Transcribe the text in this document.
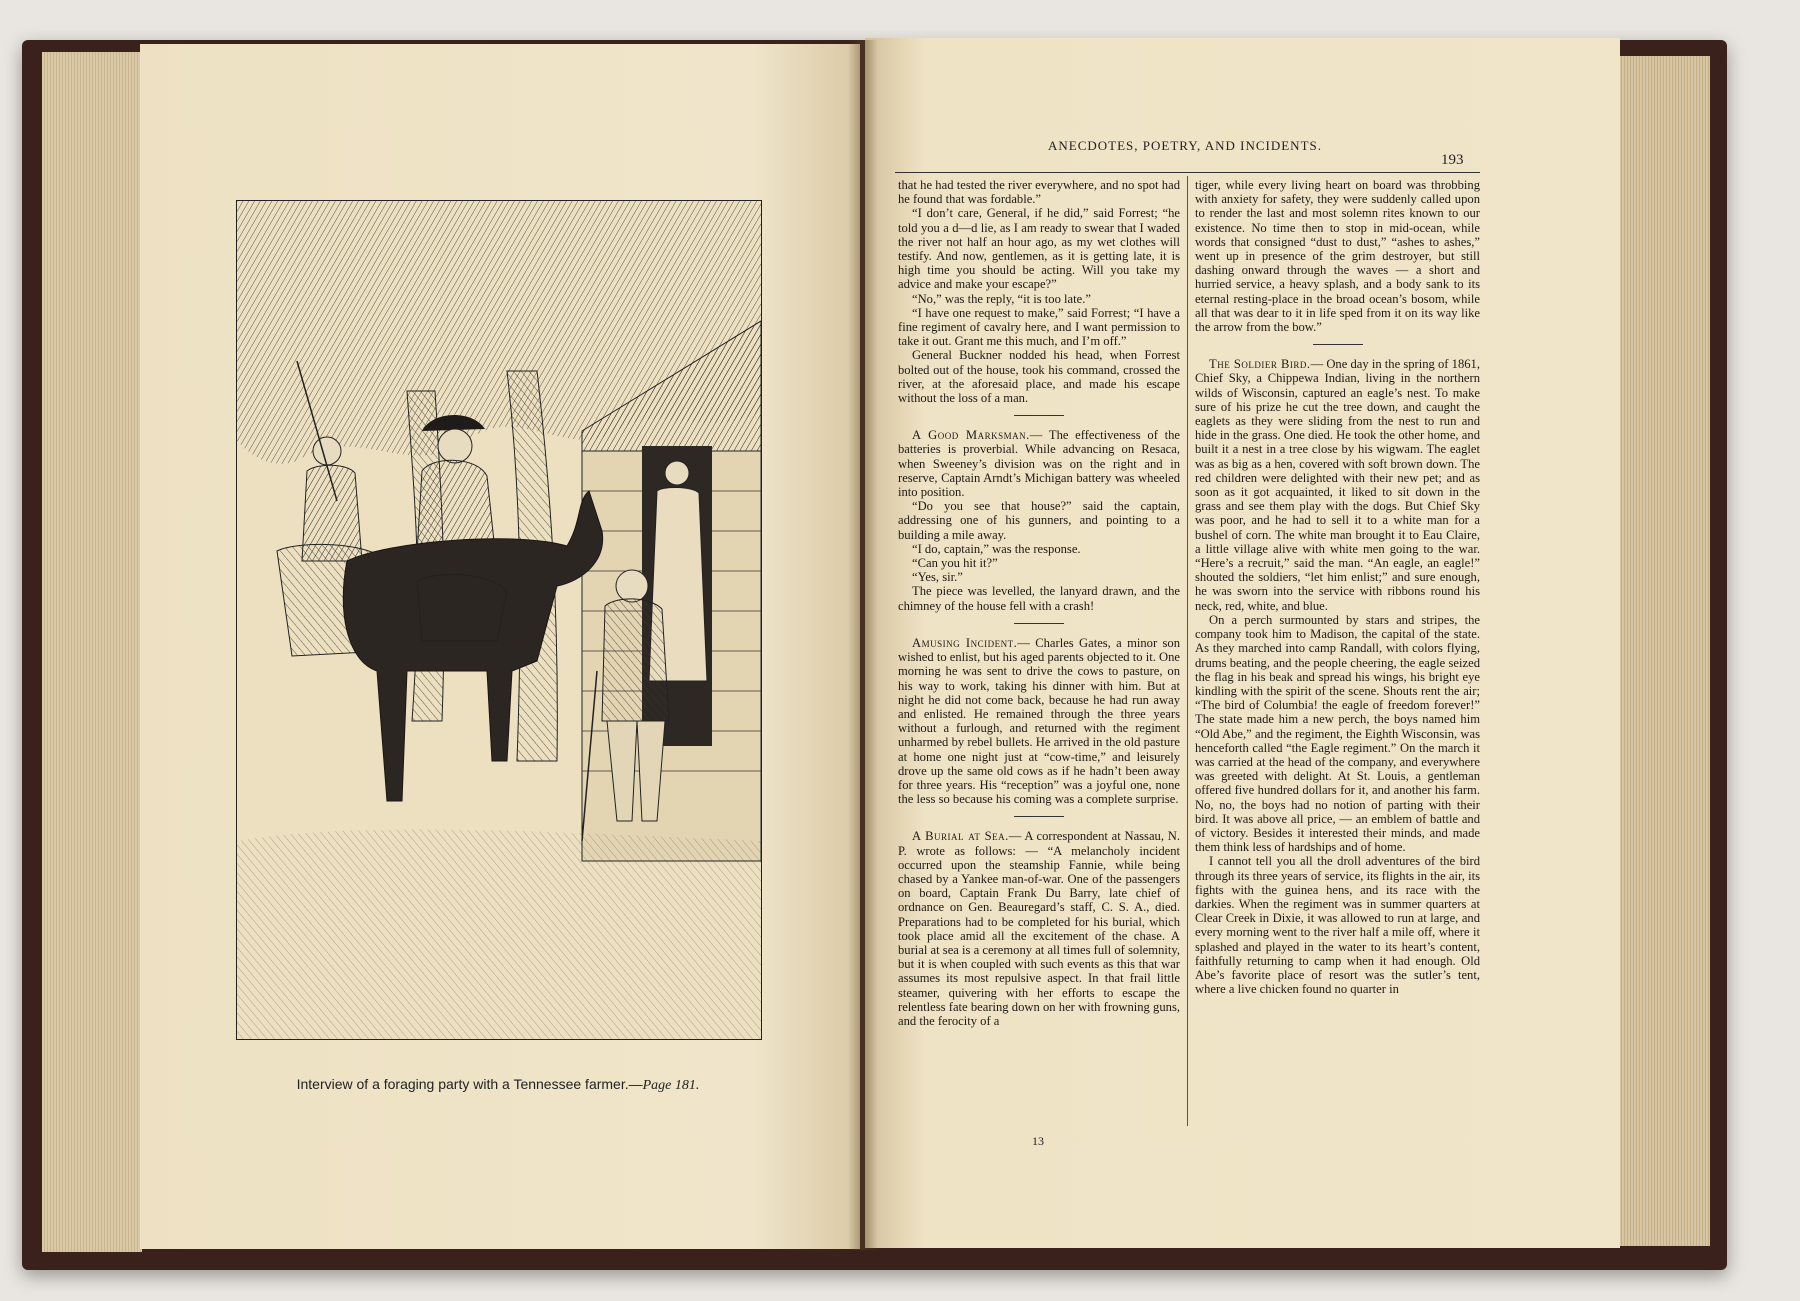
Interview of a foraging party with a Tennessee farmer.—Page 181.
ANECDOTES, POETRY, AND INCIDENTS.
193

that he had tested the river everywhere, and no spot had he found that was fordable.”

“I don’t care, General, if he did,” said Forrest; “he told you a d—d lie, as I am ready to swear that I waded the river not half an hour ago, as my wet clothes will testify. And now, gentlemen, as it is getting late, it is high time you should be acting. Will you take my advice and make your escape?”

“No,” was the reply, “it is too late.”

“I have one request to make,” said Forrest; “I have a fine regiment of cavalry here, and I want permission to take it out. Grant me this much, and I’m off.”

General Buckner nodded his head, when Forrest bolted out of the house, took his command, crossed the river, at the aforesaid place, and made his escape without the loss of a man.

A Good Marksman.— The effectiveness of the batteries is proverbial. While advancing on Resaca, when Sweeney’s division was on the right and in reserve, Captain Arndt’s Michigan battery was wheeled into position.

“Do you see that house?” said the captain, addressing one of his gunners, and pointing to a building a mile away.

“I do, captain,” was the response.

“Can you hit it?”

“Yes, sir.”

The piece was levelled, the lanyard drawn, and the chimney of the house fell with a crash!

Amusing Incident.— Charles Gates, a minor son wished to enlist, but his aged parents objected to it. One morning he was sent to drive the cows to pasture, on his way to work, taking his dinner with him. But at night he did not come back, because he had run away and enlisted. He remained through the three years without a furlough, and returned with the regiment unharmed by rebel bullets. He arrived in the old pasture at home one night just at “cow-time,” and leisurely drove up the same old cows as if he hadn’t been away for three years. His “reception” was a joyful one, none the less so because his coming was a complete surprise.

A Burial at Sea.— A correspondent at Nassau, N. P. wrote as follows: — “A melancholy incident occurred upon the steamship Fannie, while being chased by a Yankee man-of-war. One of the passengers on board, Captain Frank Du Barry, late chief of ordnance on Gen. Beauregard’s staff, C. S. A., died. Preparations had to be completed for his burial, which took place amid all the excitement of the chase. A burial at sea is a ceremony at all times full of solemnity, but it is when coupled with such events as this that war assumes its most repulsive aspect. In that frail little steamer, quivering with her efforts to escape the relentless fate bearing down on her with frowning guns, and the ferocity of a

tiger, while every living heart on board was throbbing with anxiety for safety, they were suddenly called upon to render the last and most solemn rites known to our existence. No time then to stop in mid-ocean, while words that consigned “dust to dust,” “ashes to ashes,” went up in presence of the grim destroyer, but still dashing onward through the waves — a short and hurried service, a heavy splash, and a body sank to its eternal resting-place in the broad ocean’s bosom, while all that was dear to it in life sped from it on its way like the arrow from the bow.”

The Soldier Bird.— One day in the spring of 1861, Chief Sky, a Chippewa Indian, living in the northern wilds of Wisconsin, captured an eagle’s nest. To make sure of his prize he cut the tree down, and caught the eaglets as they were sliding from the nest to run and hide in the grass. One died. He took the other home, and built it a nest in a tree close by his wigwam. The eaglet was as big as a hen, covered with soft brown down. The red children were delighted with their new pet; and as soon as it got acquainted, it liked to sit down in the grass and see them play with the dogs. But Chief Sky was poor, and he had to sell it to a white man for a bushel of corn. The white man brought it to Eau Claire, a little village alive with white men going to the war. “Here’s a recruit,” said the man. “An eagle, an eagle!” shouted the soldiers, “let him enlist;” and sure enough, he was sworn into the service with ribbons round his neck, red, white, and blue.

On a perch surmounted by stars and stripes, the company took him to Madison, the capital of the state. As they marched into camp Randall, with colors flying, drums beating, and the people cheering, the eagle seized the flag in his beak and spread his wings, his bright eye kindling with the spirit of the scene. Shouts rent the air; “The bird of Columbia! the eagle of freedom forever!” The state made him a new perch, the boys named him “Old Abe,” and the regiment, the Eighth Wisconsin, was henceforth called “the Eagle regiment.” On the march it was carried at the head of the company, and everywhere was greeted with delight. At St. Louis, a gentleman offered five hundred dollars for it, and another his farm. No, no, the boys had no notion of parting with their bird. It was above all price, — an emblem of battle and of victory. Besides it interested their minds, and made them think less of hardships and of home.

I cannot tell you all the droll adventures of the bird through its three years of service, its flights in the air, its fights with the guinea hens, and its race with the darkies. When the regiment was in summer quarters at Clear Creek in Dixie, it was allowed to run at large, and every morning went to the river half a mile off, where it splashed and played in the water to its heart’s content, faithfully returning to camp when it had enough. Old Abe’s favorite place of resort was the sutler’s tent, where a live chicken found no quarter in

13
